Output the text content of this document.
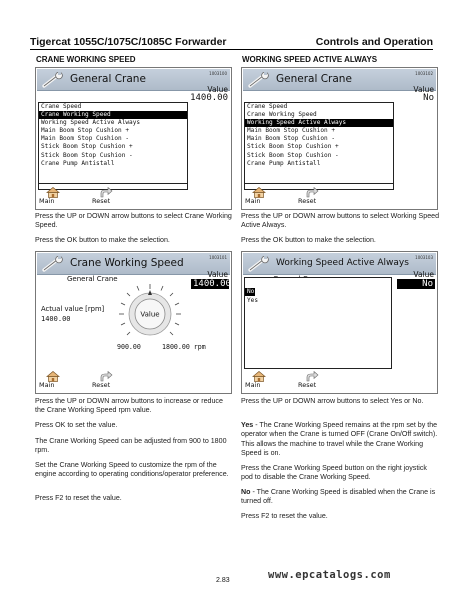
Tigercat 1055C/1075C/1085C Forwarder	Controls and Operation
CRANE WORKING SPEED	WORKING SPEED ACTIVE ALWAYS
General Crane	1003100
Value
1400.00
Crane Speed
Crane Working Speed
Working Speed Active Always
Main Boom Stop Cushion +
Main Boom Stop Cushion -
Stick Boom Stop Cushion +
Stick Boom Stop Cushion -
Crane Pump Antistall
Main	Reset
General Crane	1003102
Value
No
Crane Speed
Crane Working Speed
Working Speed Active Always
Main Boom Stop Cushion +
Main Boom Stop Cushion -
Stick Boom Stop Cushion +
Stick Boom Stop Cushion -
Crane Pump Antistall
Main	Reset
Press the UP or DOWN arrow buttons to select Crane Working Speed.
Press the OK button to make the selection.
Press the UP or DOWN arrow buttons to select Working Speed Active Always.
Press the OK button to make the selection.
Crane Working Speed	1003101
General Crane	Value
1400.00
Actual value [rpm]
1400.00
Value
900.00	1800.00 rpm
Main	Reset
Working Speed Active Always
1003103
Value
No
No
Yes
Main	Reset
Press the UP or DOWN arrow buttons to increase or reduce the Crane Working Speed rpm value.
Press OK to set the value.
The Crane Working Speed can be adjusted from 900 to 1800 rpm.
Set the Crane Working Speed to customize the rpm of the engine according to operating conditions/operator preference.
Press F2 to reset the value.
Press the UP or DOWN arrow buttons to select Yes or No.
Yes - The Crane Working Speed remains at the rpm set by the operator when the Crane is turned OFF (Crane On/Off switch). This allows the machine to travel while the Crane Working Speed is on.
Press the Crane Working Speed button on the right joystick pod to disable the Crane Working Speed.
No - The Crane Working Speed is disabled when the Crane is turned off.
Press F2 to reset the value.
2.83	www.epcatalogs.com
